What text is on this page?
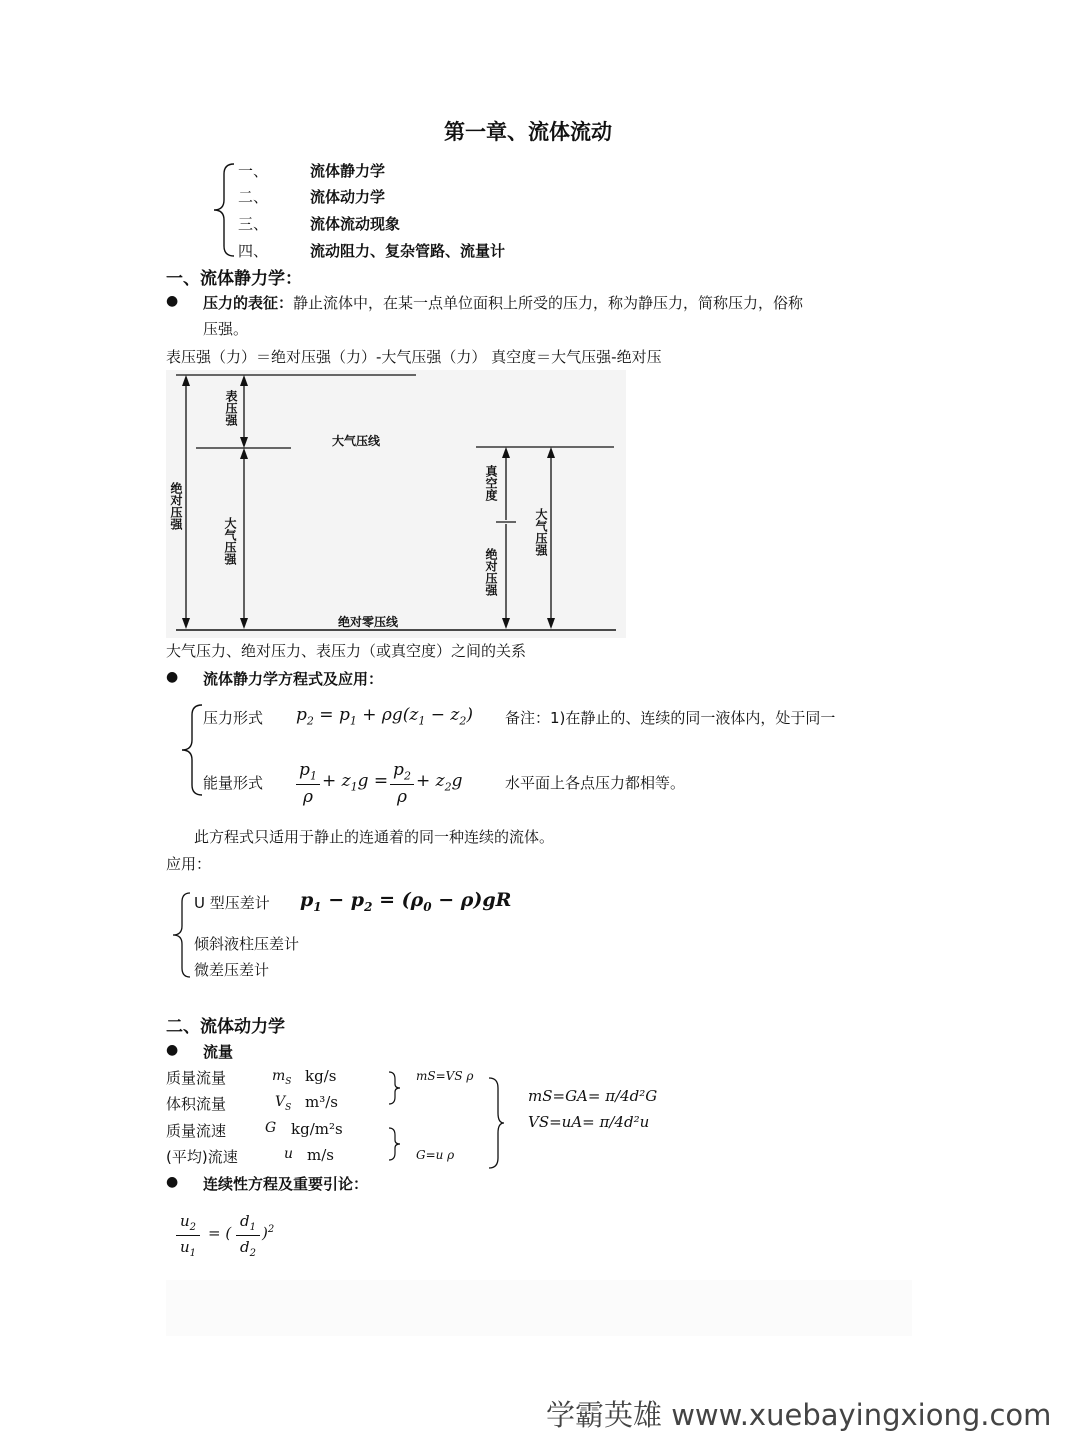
第一章、流体流动
一、	流体静力学
二、	流体动力学
三、	流体流动现象
四、	流动阻力、复杂管路、流量计
一、流体静力学：
● 压力的表征：静止流体中，在某一点单位面积上所受的压力，称为静压力，简称压力，俗称
压强。
表压强（力）＝绝对压强（力）-大气压强（力） 真空度＝大气压强-绝对压
表压强
大气压线
绝对压强
大气压强
绝对零压线
真空度
绝对压强
大气压强
大气压力、绝对压力、表压力（或真空度）之间的关系
● 流体静力学方程式及应用：
压力形式 $p_2 = p_1 + \rho g(z_1 - z_2)$ 备注：1)在静止的、连续的同一液体内，处于同一
能量形式
$p_1$
ρ
+ $z_1g$ =
$p_2$
ρ
+ $z_2g$	水平面上各点压力都相等。
此方程式只适用于静止的连通着的同一种连续的流体。
应用：
U 型压差计 $p_1 - p_2 = (\rho_0 - \rho)gR$
倾斜液柱压差计
微差压差计
二、流体动力学
● 流量
质量流量	$m_S$ kg/s
体积流量	$V_S$ m³/s
质量流速	G kg/m²s
(平均)流速	u m/s
mS=VS ρ
G=u ρ
mS=GA= π/4d²G
VS=uA= π/4d²u
● 连续性方程及重要引论：
$u_2$
$u_1$
= (
$d_1$
$d_2$
)$^2$
学霸英雄 www.xuebayingxiong.com
